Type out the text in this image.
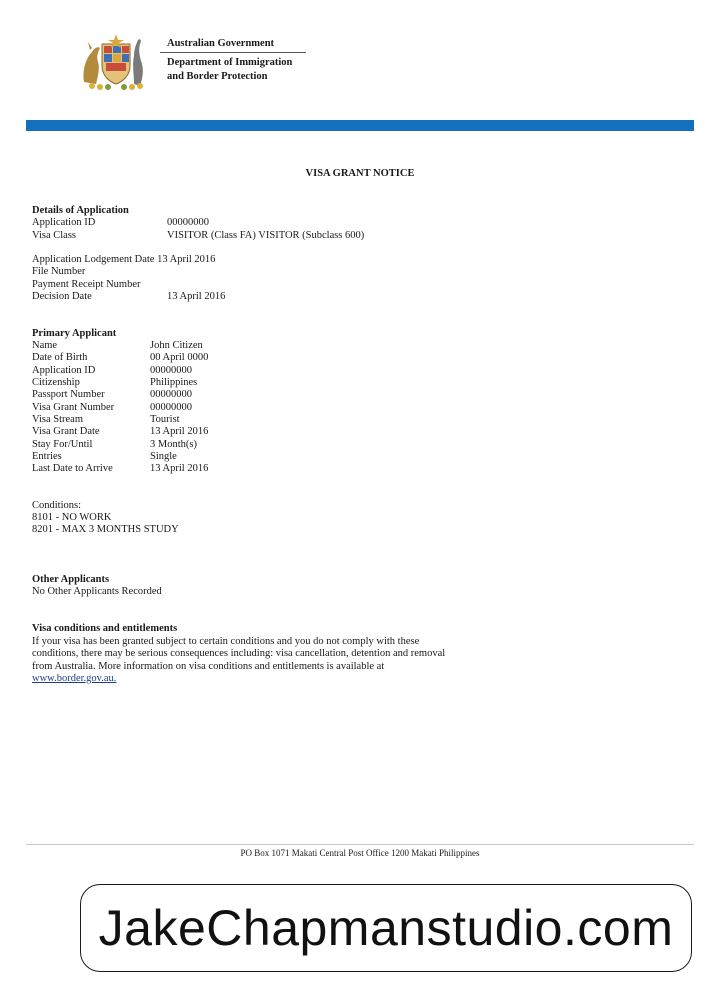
Australian Government
Department of Immigration
and Border Protection
VISA GRANT NOTICE
Details of Application
Application ID	00000000
Visa Class	VISITOR (Class FA) VISITOR (Subclass 600)
Application Lodgement Date 13 April 2016
File Number
Payment Receipt Number
Decision Date	13 April 2016
Primary Applicant
Name	John Citizen
Date of Birth	00 April 0000
Application ID	00000000
Citizenship	Philippines
Passport Number	00000000
Visa Grant Number	00000000
Visa Stream	Tourist
Visa Grant Date	13 April 2016
Stay For/Until	3 Month(s)
Entries	Single
Last Date to Arrive	13 April 2016
Conditions:
8101 - NO WORK
8201 - MAX 3 MONTHS STUDY
Other Applicants
No Other Applicants Recorded
Visa conditions and entitlements
If your visa has been granted subject to certain conditions and you do not comply with these conditions, there may be serious consequences including: visa cancellation, detention and removal from Australia. More information on visa conditions and entitlements is available at
www.border.gov.au.
PO Box 1071 Makati Central Post Office 1200 Makati Philippines
JakeChapmanstudio.com
